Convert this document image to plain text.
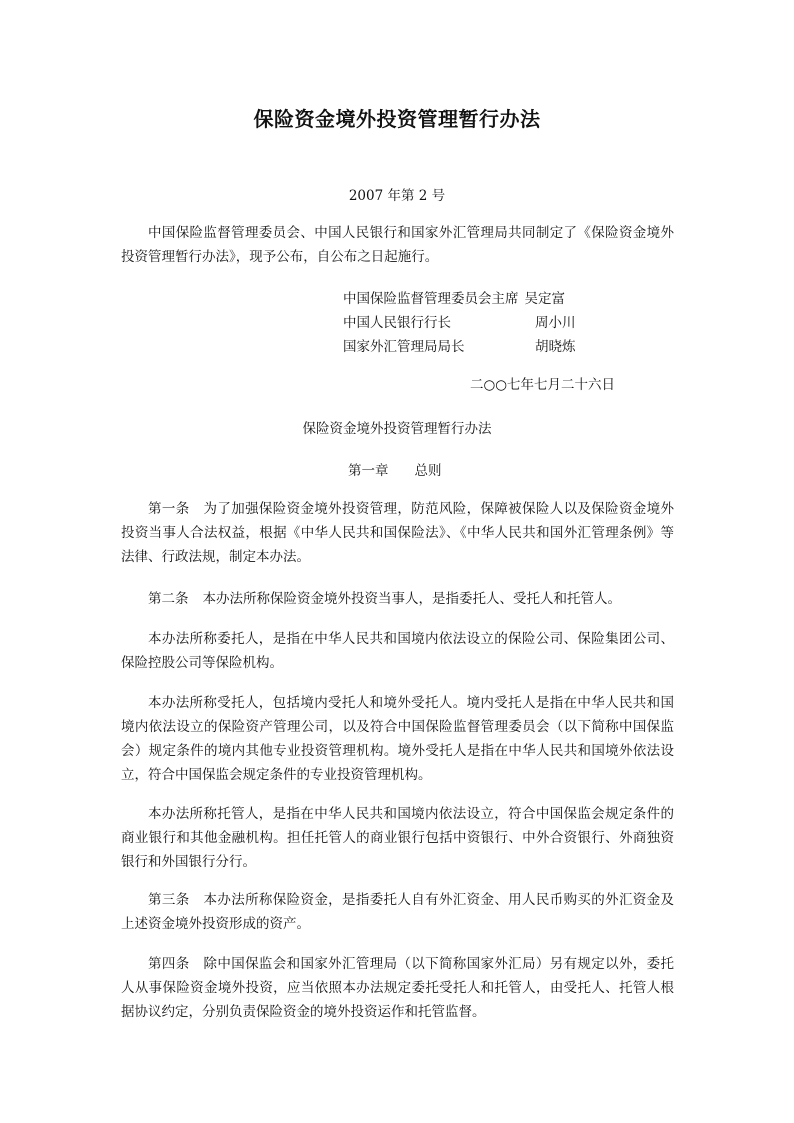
保险资金境外投资管理暂行办法
2007 年第 2 号

中国保险监督管理委员会、中国人民银行和国家外汇管理局共同制定了《保险资金境外投资管理暂行办法》，现予公布，自公布之日起施行。

中国保险监督管理委员会主席 吴定富
中国人民银行行长	周小川
国家外汇管理局局长	胡晓炼
二○○七年七月二十六日
保险资金境外投资管理暂行办法
第一章 总则

第一条 为了加强保险资金境外投资管理，防范风险，保障被保险人以及保险资金境外投资当事人合法权益，根据《中华人民共和国保险法》、《中华人民共和国外汇管理条例》等法律、行政法规，制定本办法。

第二条 本办法所称保险资金境外投资当事人，是指委托人、受托人和托管人。

本办法所称委托人，是指在中华人民共和国境内依法设立的保险公司、保险集团公司、保险控股公司等保险机构。

本办法所称受托人，包括境内受托人和境外受托人。境内受托人是指在中华人民共和国境内依法设立的保险资产管理公司，以及符合中国保险监督管理委员会（以下简称中国保监会）规定条件的境内其他专业投资管理机构。境外受托人是指在中华人民共和国境外依法设立，符合中国保监会规定条件的专业投资管理机构。

本办法所称托管人，是指在中华人民共和国境内依法设立，符合中国保监会规定条件的商业银行和其他金融机构。担任托管人的商业银行包括中资银行、中外合资银行、外商独资银行和外国银行分行。

第三条 本办法所称保险资金，是指委托人自有外汇资金、用人民币购买的外汇资金及上述资金境外投资形成的资产。

第四条 除中国保监会和国家外汇管理局（以下简称国家外汇局）另有规定以外，委托人从事保险资金境外投资，应当依照本办法规定委托受托人和托管人，由受托人、托管人根据协议约定，分别负责保险资金的境外投资运作和托管监督。
